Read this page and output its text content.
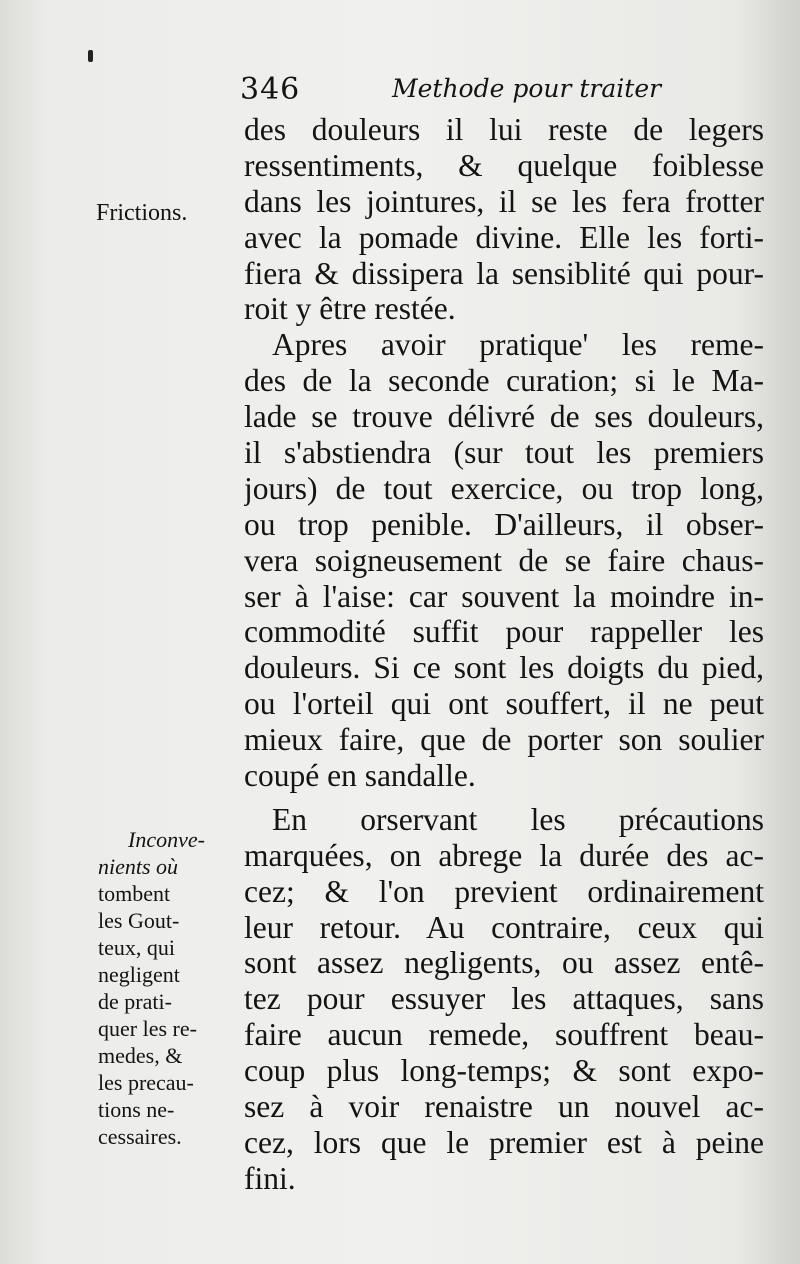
346	Methode pour traiter
Frictions.
Inconve-
nients où
tombent
les Gout-
teux, qui
negligent
de prati-
quer les re-
medes, &
les precau-
tions ne-
cessaires.
des douleurs il lui reste de legers
ressentiments, & quelque foiblesse
dans les jointures, il se les fera frotter
avec la pomade divine. Elle les forti-
fiera & dissipera la sensiblité qui pour-
roit y être restée.
Apres avoir pratique' les reme-
des de la seconde curation; si le Ma-
lade se trouve délivré de ses douleurs,
il s'abstiendra (sur tout les premiers
jours) de tout exercice, ou trop long,
ou trop penible. D'ailleurs, il obser-
vera soigneusement de se faire chaus-
ser à l'aise: car souvent la moindre in-
commodité suffit pour rappeller les
douleurs. Si ce sont les doigts du pied,
ou l'orteil qui ont souffert, il ne peut
mieux faire, que de porter son soulier
coupé en sandalle.
En orservant les précautions
marquées, on abrege la durée des ac-
cez; & l'on previent ordinairement
leur retour. Au contraire, ceux qui
sont assez negligents, ou assez entê-
tez pour essuyer les attaques, sans
faire aucun remede, souffrent beau-
coup plus long-temps; & sont expo-
sez à voir renaistre un nouvel ac-
cez, lors que le premier est à peine
fini.
